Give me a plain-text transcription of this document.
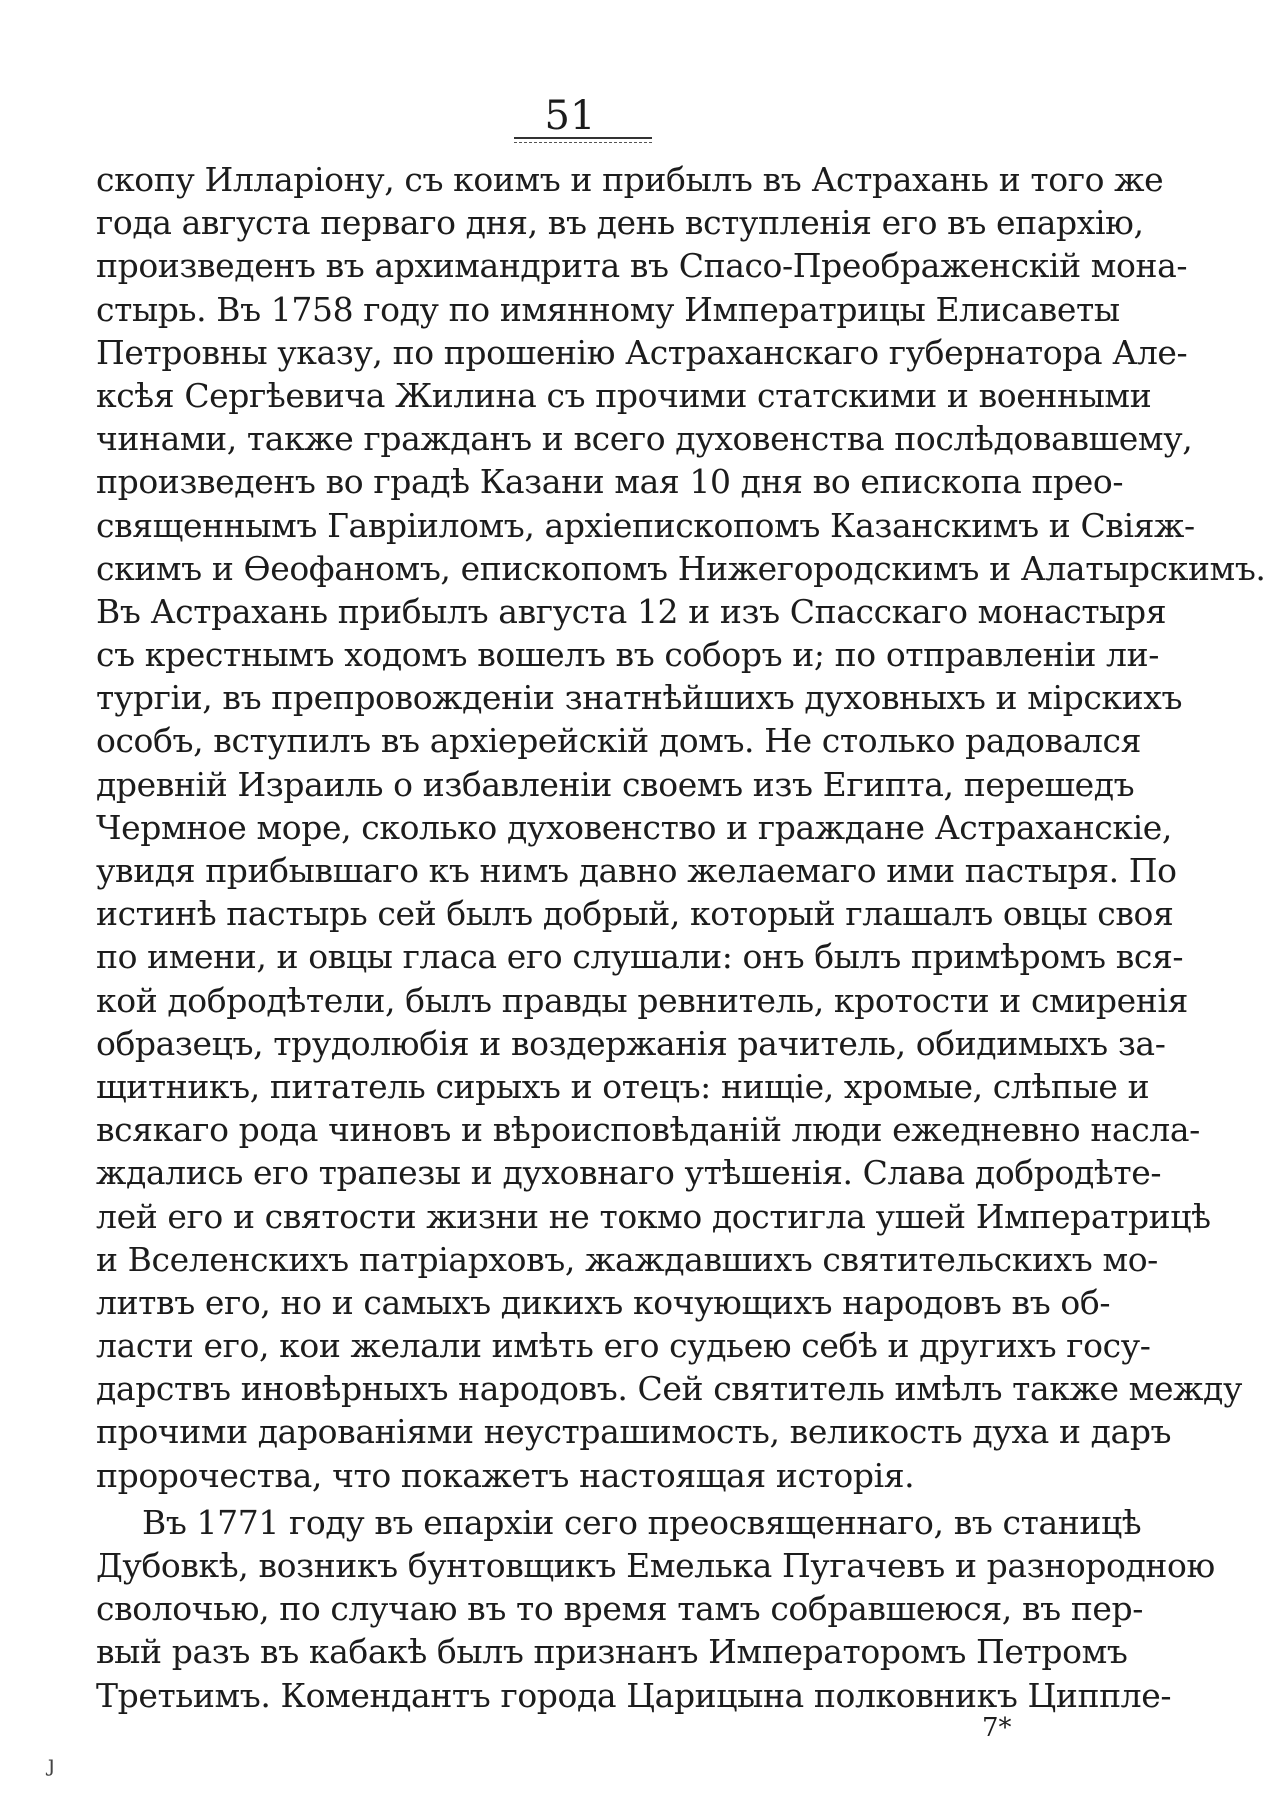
51
скопу Илларіону, съ коимъ и прибылъ въ Астрахань и того же
года августа перваго дня, въ день вступленія его въ епархію,
произведенъ въ архимандрита въ Спасо-Преображенскій мона-
стырь. Въ 1758 году по имянному Императрицы Елисаветы
Петровны указу, по прошенію Астраханскаго губернатора Але-
ксѣя Сергѣевича Жилина съ прочими статскими и военными
чинами, также граждaнъ и всего духовенства послѣдовавшему,
произведенъ во градѣ Казани мая 10 дня во епископа прео-
священнымъ Гавріиломъ, архіепископомъ Казанскимъ и Свіяж-
скимъ и Ѳеофаномъ, епископомъ Нижегородскимъ и Алатырскимъ.
Въ Астрахань прибылъ августа 12 и изъ Спасскаго монастыря
съ крестнымъ ходомъ вошелъ въ соборъ и; по отправленіи ли-
тургіи, въ препровожденіи знатнѣйшихъ духовныхъ и мірскихъ
особъ, вступилъ въ архіерейскій домъ. Не столько радовался
древній Израиль о избавленіи своемъ изъ Египта, перешедъ
Чермное море, сколько духовенство и граждане Астраханскіе,
увидя прибывшаго къ нимъ давно желаемаго ими пастыря. По
истинѣ пастырь сей былъ добрый, который глашалъ овцы своя
по имени, и овцы гласа его слушали: онъ былъ примѣромъ вся-
кой добродѣтели, былъ правды ревнитель, кротости и смиренія
образецъ, трудолюбія и воздержанія рачитель, обидимыхъ за-
щитникъ, питатель сирыхъ и отецъ: нищіе, хромые, слѣпые и
всякаго рода чиновъ и вѣроисповѣданій люди ежедневно насла-
ждались его трапезы и духовнаго утѣшенія. Слава добродѣте-
лей его и святости жизни не токмо достигла ушей Императрицѣ
и Вселенскихъ патріарховъ, жаждавшихъ святительскихъ мо-
литвъ его, но и самыхъ дикихъ кочующихъ народовъ въ об-
ласти его, кои желали имѣть его судьею себѣ и другихъ госу-
дарствъ иновѣрныхъ народовъ. Сей святитель имѣлъ также между
прочими дарованіями неустрашимость, великость духа и даръ
пророчества, что покажетъ настоящая исторія.
Въ 1771 году въ епархіи сего преосвященнаго, въ станицѣ
Дубовкѣ, возникъ бунтовщикъ Емелька Пугачевъ и разнородною
сволочью, по случаю въ то время тамъ собравшеюся, въ пер-
вый разъ въ кабакѣ былъ признанъ Императоромъ Петромъ
Третьимъ. Комендантъ города Царицына полковникъ Циппле-
7*
ȷ
